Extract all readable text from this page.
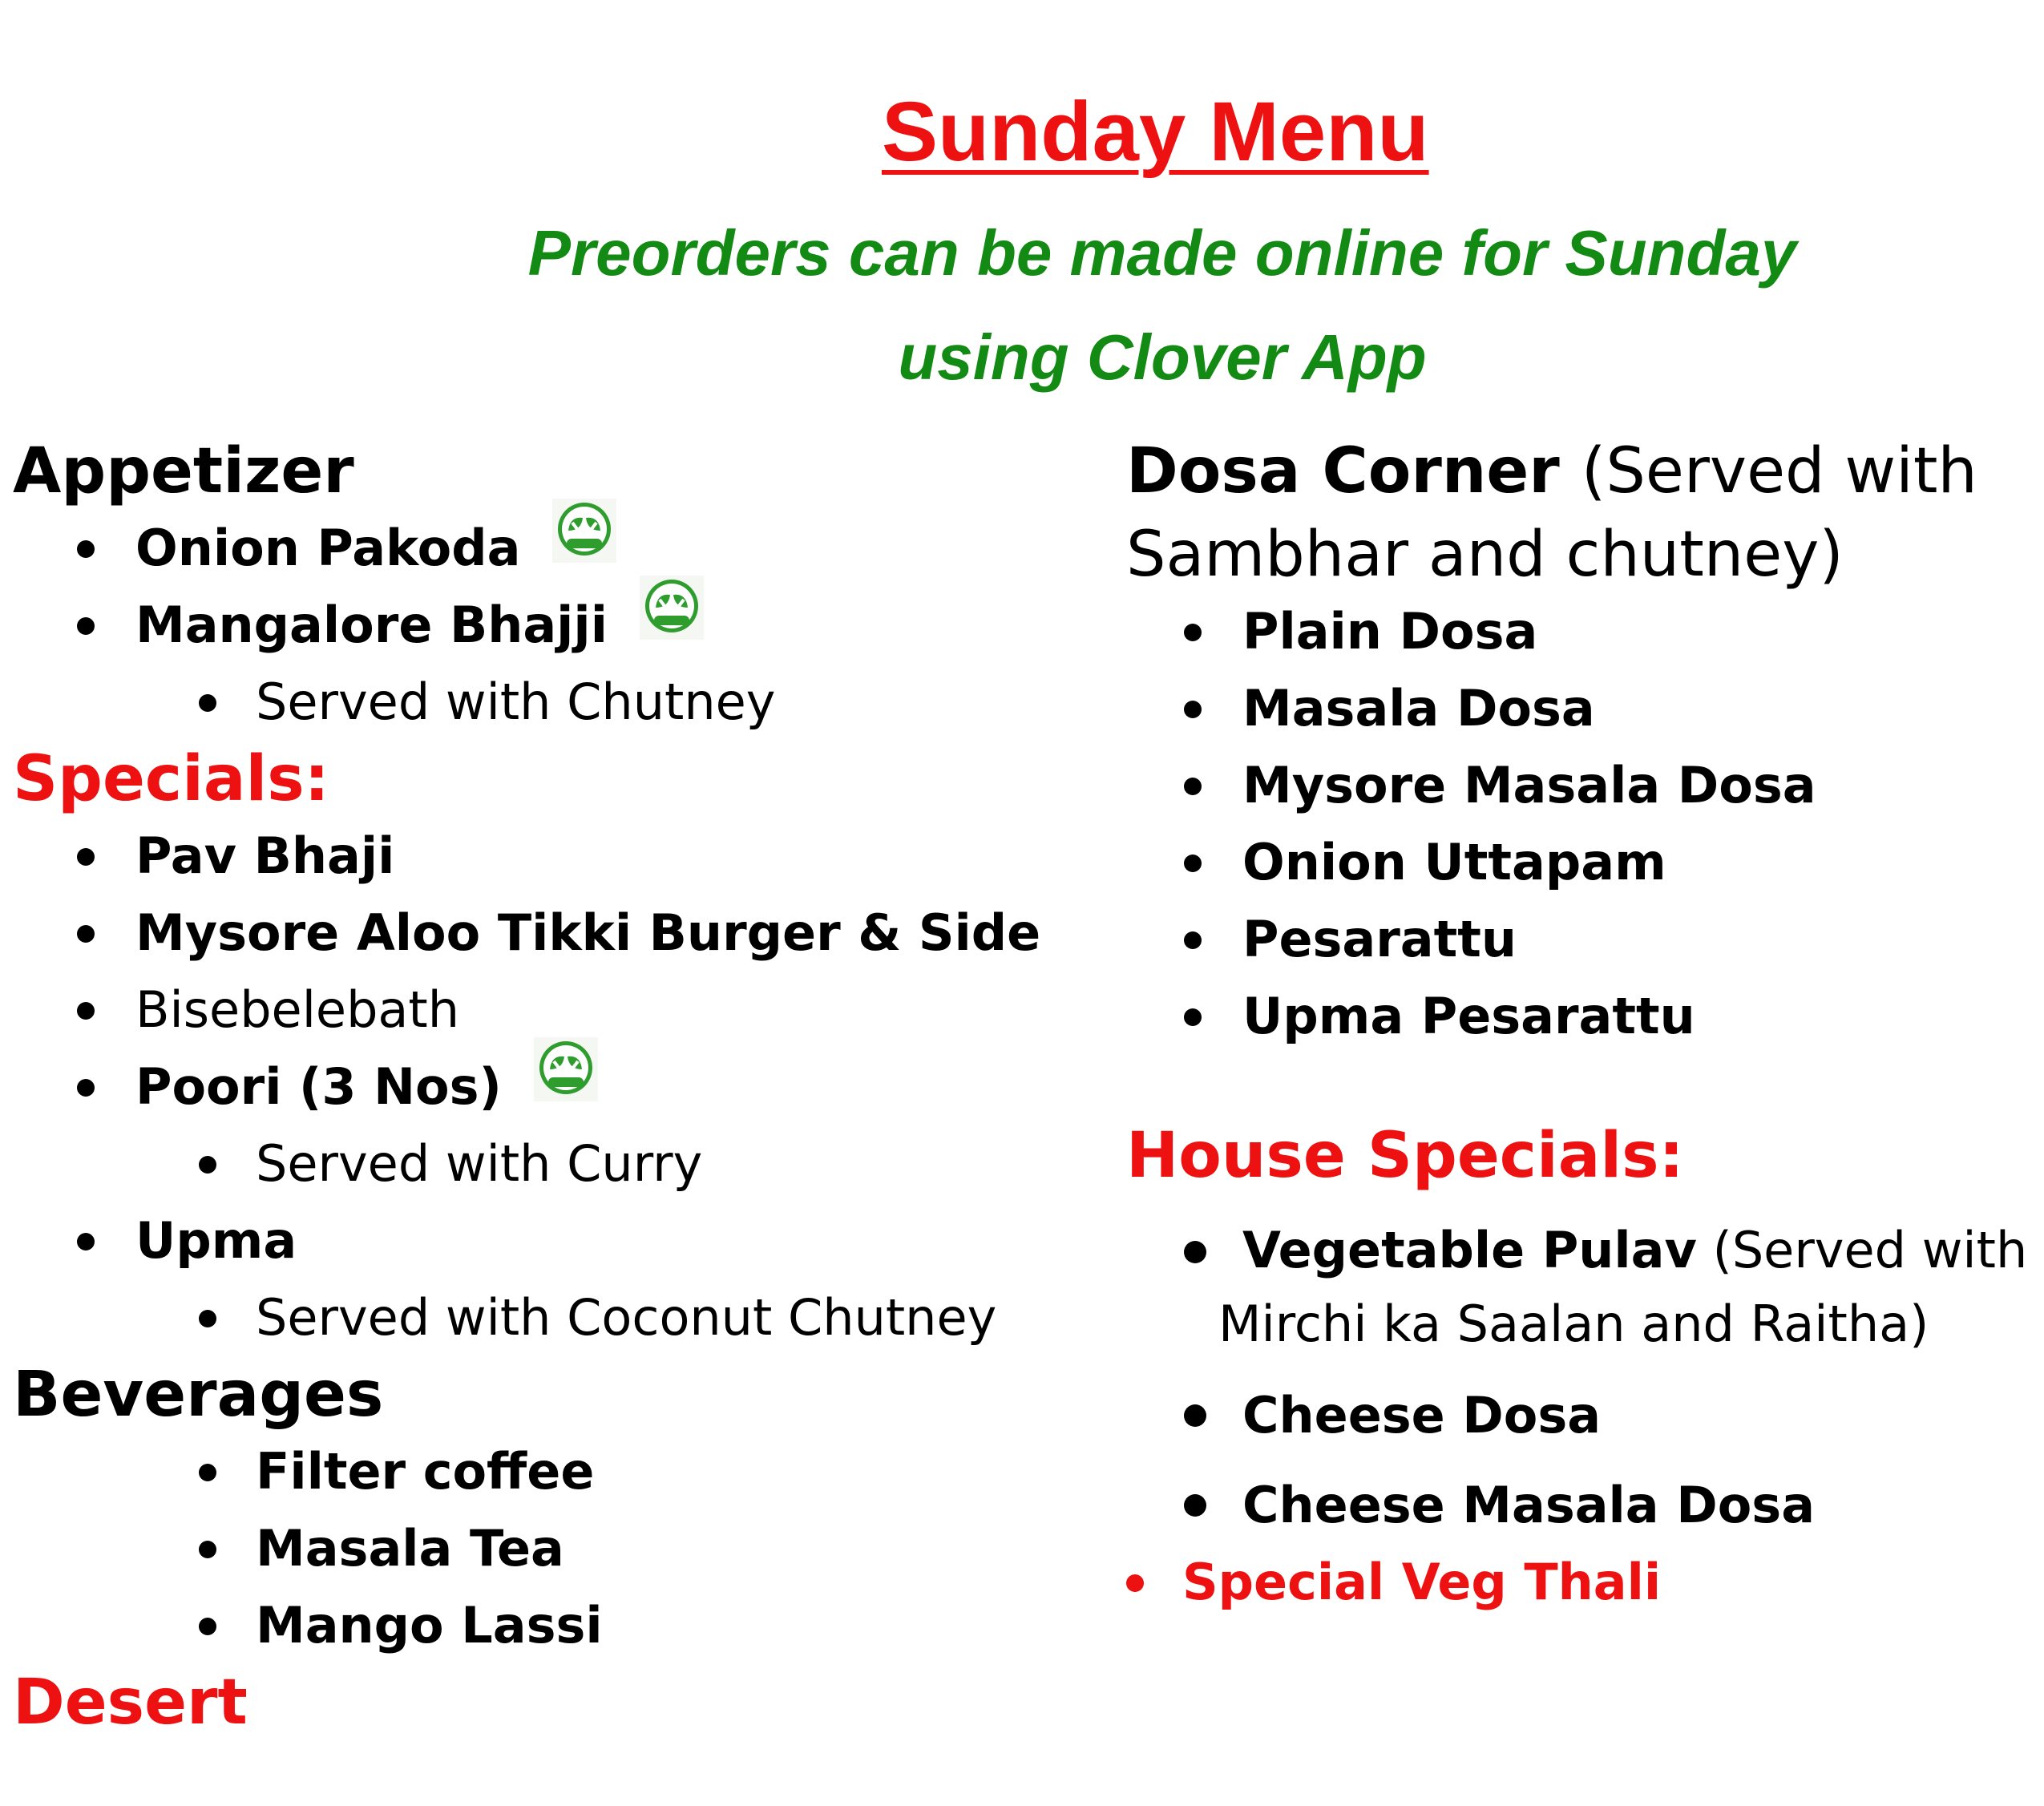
Sunday Menu
Preorders can be made online for Sunday
using Clover App
Appetizer
Onion Pakoda
Mangalore Bhajji
Served with Chutney
Specials:
Pav Bhaji
Mysore Aloo Tikki Burger & Side
Bisebelebath
Poori (3 Nos)
Served with Curry
Upma
Served with Coconut Chutney
Beverages
Filter coffee
Masala Tea
Mango Lassi
Desert
Dosa Corner (Served with
Sambhar and chutney)
Plain Dosa
Masala Dosa
Mysore Masala Dosa
Onion Uttapam
Pesarattu
Upma Pesarattu
House Specials:
Vegetable Pulav (Served with
Mirchi ka Saalan and Raitha)
Cheese Dosa
Cheese Masala Dosa
Special Veg Thali
